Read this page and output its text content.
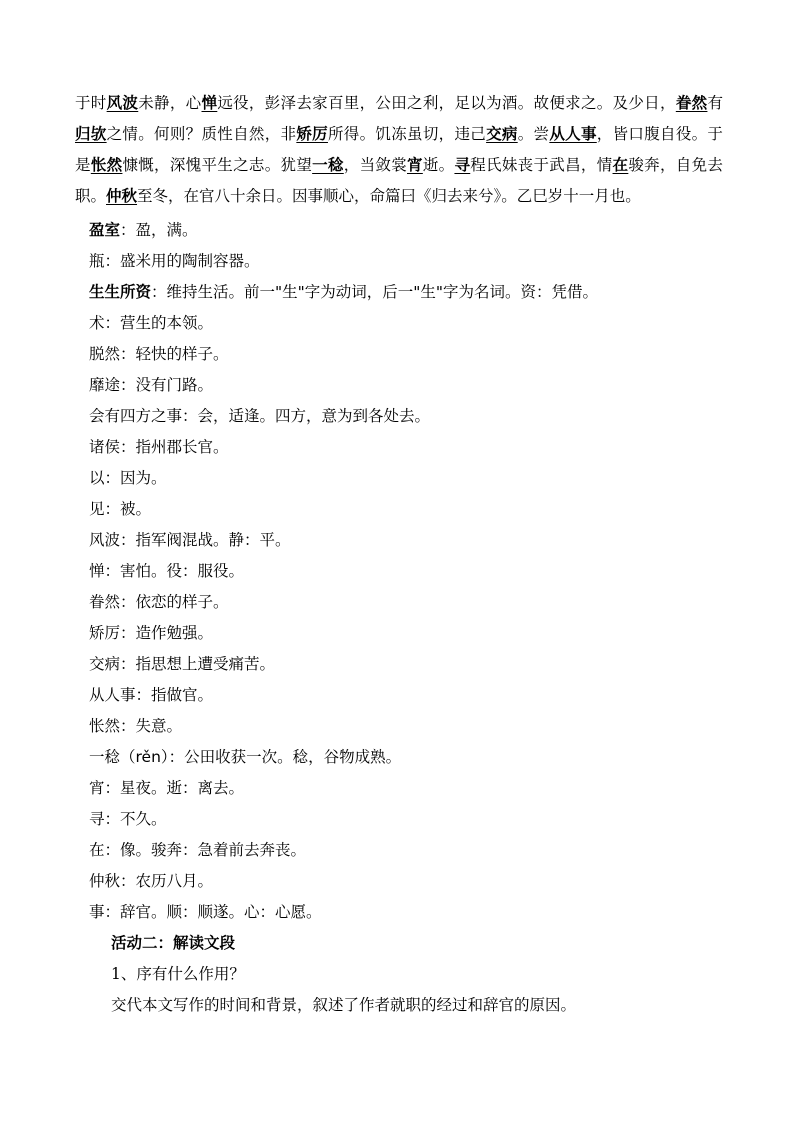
于时风波未静，心惮远役，彭泽去家百里，公田之利，足以为酒。故便求之。及少日，眷然有归欤之情。何则？质性自然，非矫厉所得。饥冻虽切，违己交病。尝从人事，皆口腹自役。于是怅然慷慨，深愧平生之志。犹望一稔，当敛裳宵逝。寻程氏妹丧于武昌，情在骏奔，自免去职。仲秋至冬，在官八十余日。因事顺心，命篇曰《归去来兮》。乙巳岁十一月也。
盈室：盈，满。
瓶：盛米用的陶制容器。
生生所资：维持生活。前一"生"字为动词，后一"生"字为名词。资：凭借。
术：营生的本领。
脱然：轻快的样子。
靡途：没有门路。
会有四方之事：会，适逢。四方，意为到各处去。
诸侯：指州郡长官。
以：因为。
见：被。
风波：指军阀混战。静：平。
惮：害怕。役：服役。
眷然：依恋的样子。
矫厉：造作勉强。
交病：指思想上遭受痛苦。
从人事：指做官。
怅然：失意。
一稔（rěn）：公田收获一次。稔，谷物成熟。
宵：星夜。逝：离去。
寻：不久。
在：像。骏奔：急着前去奔丧。
仲秋：农历八月。
事：辞官。顺：顺遂。心：心愿。
活动二：解读文段
1、序有什么作用？
交代本文写作的时间和背景，叙述了作者就职的经过和辞官的原因。
